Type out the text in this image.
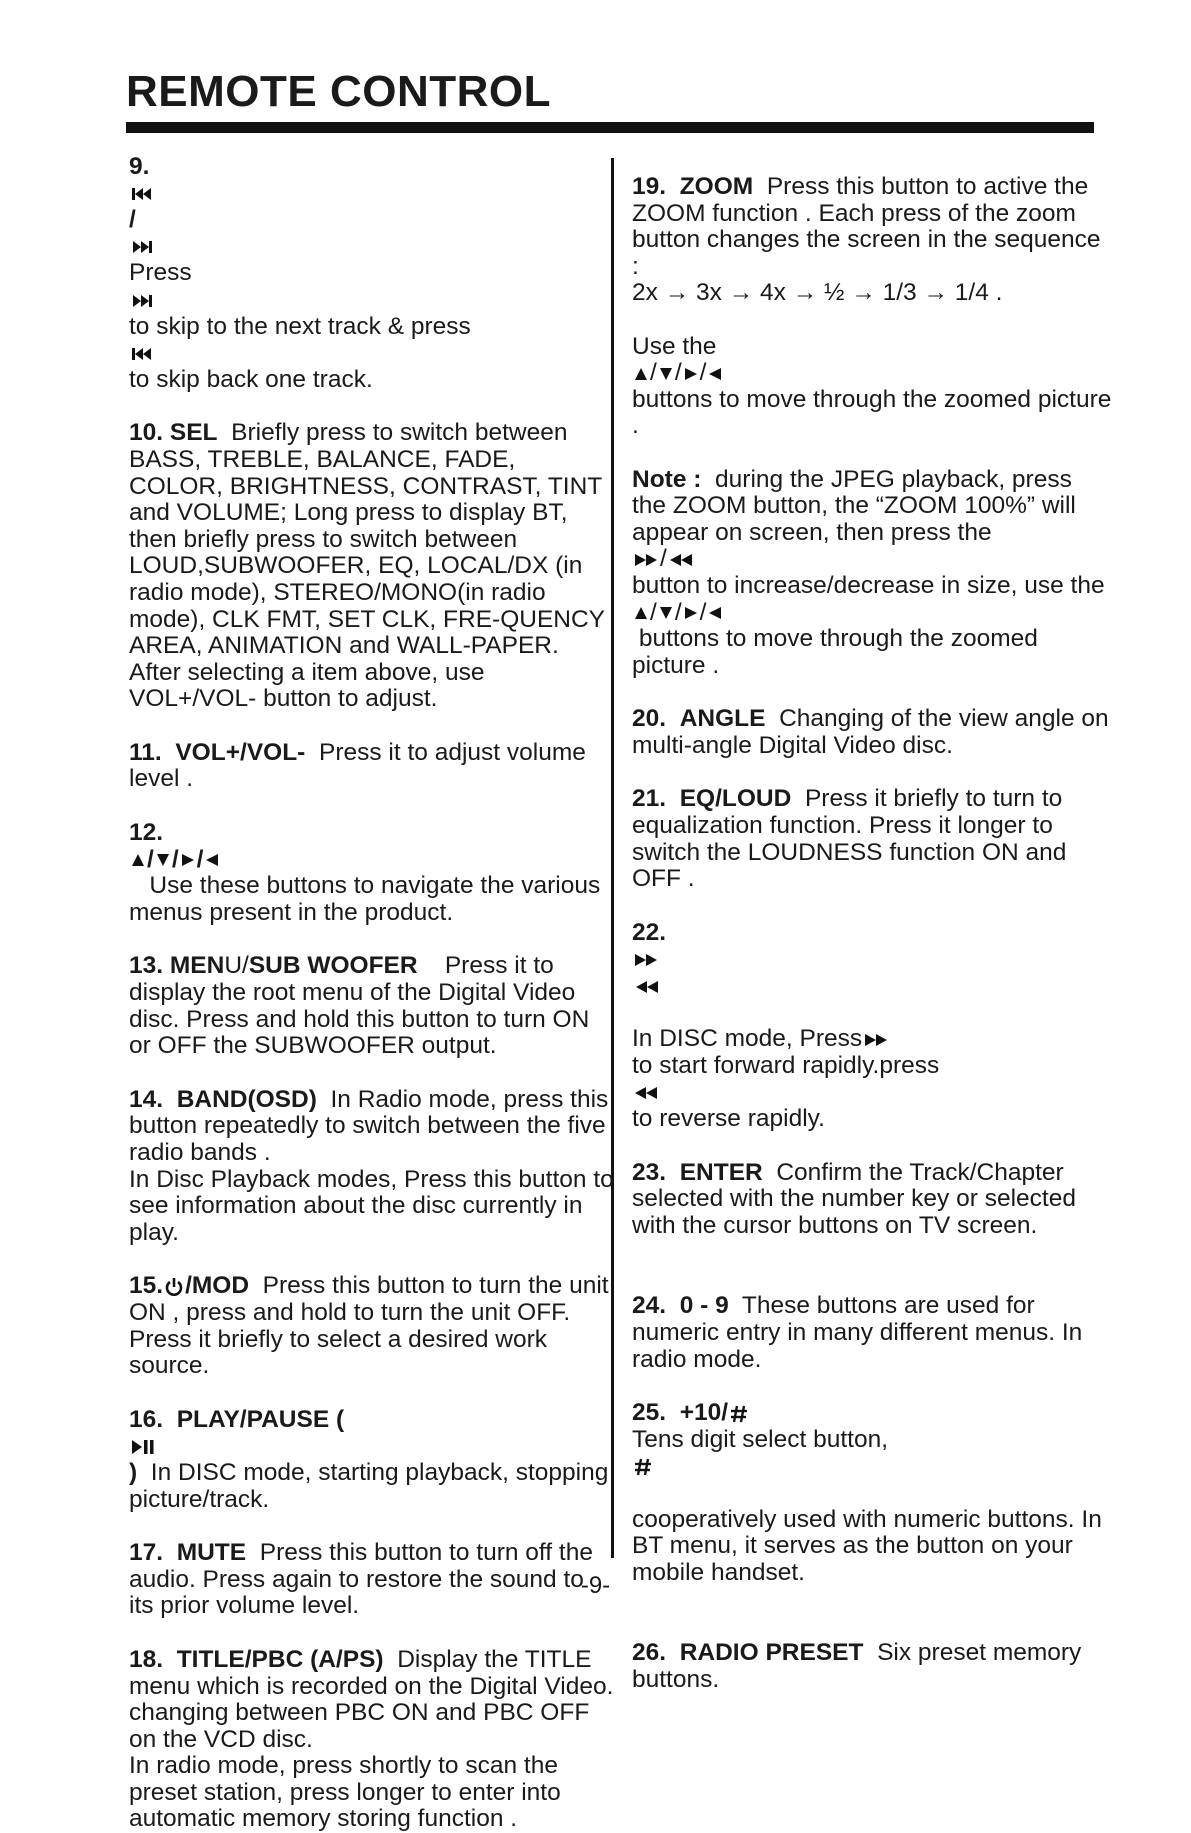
REMOTE CONTROL

9.

/

Press

to skip to the next track & press

to skip back one track.

10. SEL Briefly press to switch between BASS, TREBLE, BALANCE, FADE, COLOR, BRIGHTNESS, CONTRAST, TINT and VOLUME; Long press to display BT, then briefly press to switch between LOUD,SUBWOOFER, EQ, LOCAL/DX (in radio mode), STEREO/MONO(in radio mode), CLK FMT, SET CLK, FRE-QUENCY AREA, ANIMATION and WALL-PAPER. After selecting a item above, use VOL+/VOL- button to adjust.

11. VOL+/VOL- Press it to adjust volume level .

12.

/ / /

Use these buttons to navigate the various menus present in the product.

13. MENU/SUB WOOFER Press it to display the root menu of the Digital Video disc. Press and hold this button to turn ON or OFF the SUBWOOFER output.

14. BAND(OSD) In Radio mode, press this button repeatedly to switch between the five radio bands .
In Disc Playback modes, Press this button to see information about the disc currently in play.

15. /MOD Press this button to turn the unit ON , press and hold to turn the unit OFF. Press it briefly to select a desired work source.

16. PLAY/PAUSE (

) In DISC mode, starting playback, stopping picture/track.

17. MUTE Press this button to turn off the audio. Press again to restore the sound to its prior volume level.

18. TITLE/PBC (A/PS) Display the TITLE menu which is recorded on the Digital Video. changing between PBC ON and PBC OFF on the VCD disc.
In radio mode, press shortly to scan the preset station, press longer to enter into automatic memory storing function .

19. ZOOM Press this button to active the ZOOM function . Each press of the zoom button changes the screen in the sequence :
2x → 3x → 4x → ½ → 1/3 → 1/4 .

Use the

/ / /

buttons to move through the zoomed picture .

Note : during the JPEG playback, press the ZOOM button, the “ZOOM 100%” will appear on screen, then press the

/

button to increase/decrease in size, use the

/ / /

buttons to move through the zoomed picture .

20. ANGLE Changing of the view angle on multi-angle Digital Video disc.

21. EQ/LOUD Press it briefly to turn to equalization function. Press it longer to switch the LOUDNESS function ON and OFF .

22.

In DISC mode, Press

to start forward rapidly.press

to reverse rapidly.

23. ENTER Confirm the Track/Chapter selected with the number key or selected with the cursor buttons on TV screen.

24. 0 - 9 These buttons are used for numeric entry in many different menus. In radio mode.

25. +10/

Tens digit select button,

cooperatively used with numeric buttons. In BT menu, it serves as the button on your mobile handset.

26. RADIO PRESET Six preset memory buttons.

-9-
